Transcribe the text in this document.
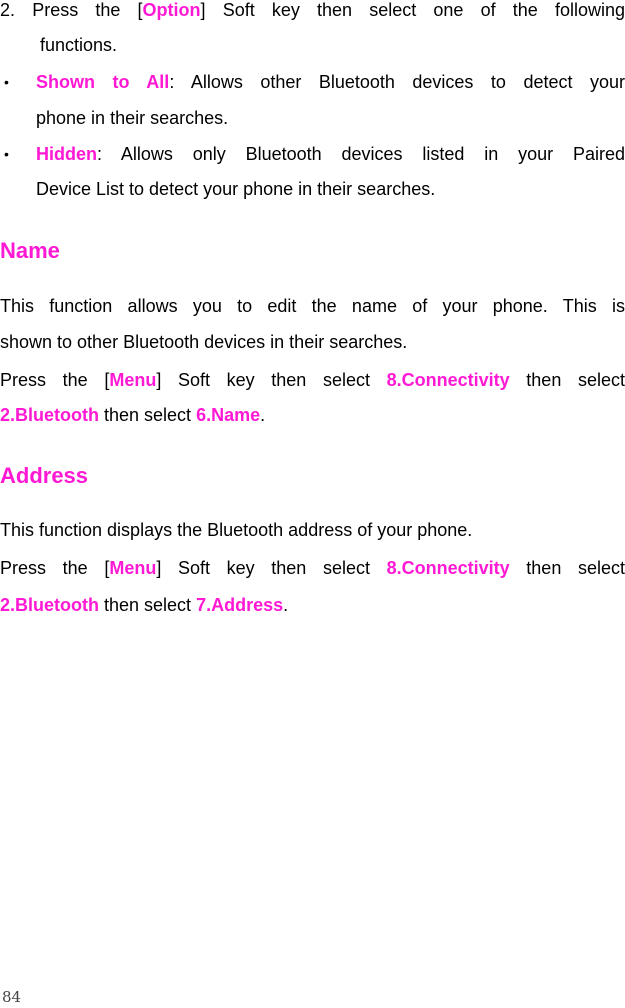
2. Press the [Option] Soft key then select one of the following
functions.
• Shown to All: Allows other Bluetooth devices to detect your
phone in their searches.
• Hidden: Allows only Bluetooth devices listed in your Paired
Device List to detect your phone in their searches.
Name
This function allows you to edit the name of your phone. This is
shown to other Bluetooth devices in their searches.
Press the [Menu] Soft key then select 8.Connectivity then select
2.Bluetooth then select 6.Name.
Address
This function displays the Bluetooth address of your phone.
Press the [Menu] Soft key then select 8.Connectivity then select
2.Bluetooth then select 7.Address.
84
